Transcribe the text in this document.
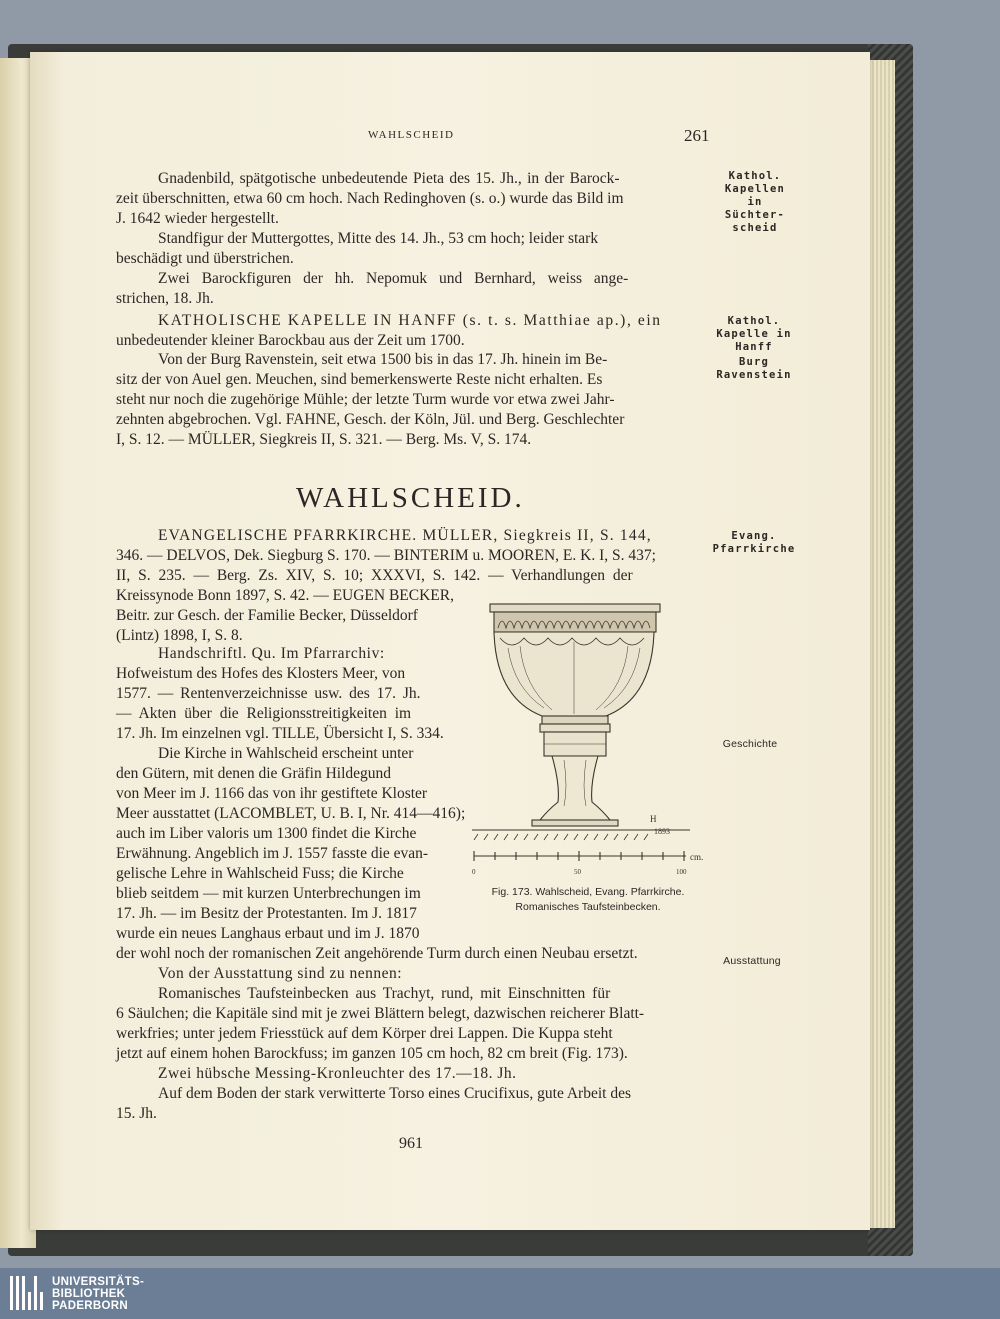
WAHLSCHEID	261
Kathol.
Kapellen in
Süchter-
scheid
Kathol.
Kapelle in
Hanff
Burg
Ravenstein
Evang.
Pfarrkirche
Geschichte
Ausstattung
Gnadenbild, spätgotische unbedeutende Pieta des 15. Jh., in der Barock-
zeit überschnitten, etwa 60 cm hoch. Nach Redinghoven (s. o.) wurde das Bild im
J. 1642 wieder hergestellt.
Standfigur der Muttergottes, Mitte des 14. Jh., 53 cm hoch; leider stark
beschädigt und überstrichen.
Zwei Barockfiguren der hh. Nepomuk und Bernhard, weiss ange-
strichen, 18. Jh.
KATHOLISCHE KAPELLE IN HANFF (s. t. s. Matthiae ap.), ein
unbedeutender kleiner Barockbau aus der Zeit um 1700.
Von der Burg Ravenstein, seit etwa 1500 bis in das 17. Jh. hinein im Be-
sitz der von Auel gen. Meuchen, sind bemerkenswerte Reste nicht erhalten. Es
steht nur noch die zugehörige Mühle; der letzte Turm wurde vor etwa zwei Jahr-
zehnten abgebrochen. Vgl. FAHNE, Gesch. der Köln, Jül. und Berg. Geschlechter
I, S. 12. — MÜLLER, Siegkreis II, S. 321. — Berg. Ms. V, S. 174.
WAHLSCHEID.
EVANGELISCHE PFARRKIRCHE. MÜLLER, Siegkreis II, S. 144,
346. — DELVOS, Dek. Siegburg S. 170. — BINTERIM u. MOOREN, E. K. I, S. 437;
II, S. 235. — Berg. Zs. XIV, S. 10; XXXVI, S. 142. — Verhandlungen der
Kreissynode Bonn 1897, S. 42. — EUGEN BECKER,
Beitr. zur Gesch. der Familie Becker, Düsseldorf
(Lintz) 1898, I, S. 8.
Handschriftl. Qu. Im Pfarrarchiv:
Hofweistum des Hofes des Klosters Meer, von
1577. — Rentenverzeichnisse usw. des 17. Jh.
— Akten über die Religionsstreitigkeiten im
17. Jh. Im einzelnen vgl. TILLE, Übersicht I, S. 334.
Die Kirche in Wahlscheid erscheint unter
den Gütern, mit denen die Gräfin Hildegund
von Meer im J. 1166 das von ihr gestiftete Kloster
Meer ausstattet (LACOMBLET, U. B. I, Nr. 414—416);
auch im Liber valoris um 1300 findet die Kirche
Erwähnung. Angeblich im J. 1557 fasste die evan-
gelische Lehre in Wahlscheid Fuss; die Kirche
blieb seitdem — mit kurzen Unterbrechungen im
17. Jh. — im Besitz der Protestanten. Im J. 1817
wurde ein neues Langhaus erbaut und im J. 1870
der wohl noch der romanischen Zeit angehörende Turm durch einen Neubau ersetzt.
Von der Ausstattung sind zu nennen:
Romanisches Taufsteinbecken aus Trachyt, rund, mit Einschnitten für
6 Säulchen; die Kapitäle sind mit je zwei Blättern belegt, dazwischen reicherer Blatt-
werkfries; unter jedem Friesstück auf dem Körper drei Lappen. Die Kuppa steht
jetzt auf einem hohen Barockfuss; im ganzen 105 cm hoch, 82 cm breit (Fig. 173).
Zwei hübsche Messing-Kronleuchter des 17.—18. Jh.
Auf dem Boden der stark verwitterte Torso eines Crucifixus, gute Arbeit des
15. Jh.
H
1893
cm.
0	50	100
Fig. 173. Wahlscheid, Evang. Pfarrkirche.
Romanisches Taufsteinbecken.
961
UNIVERSITÄTS-
BIBLIOTHEK
PADERBORN
